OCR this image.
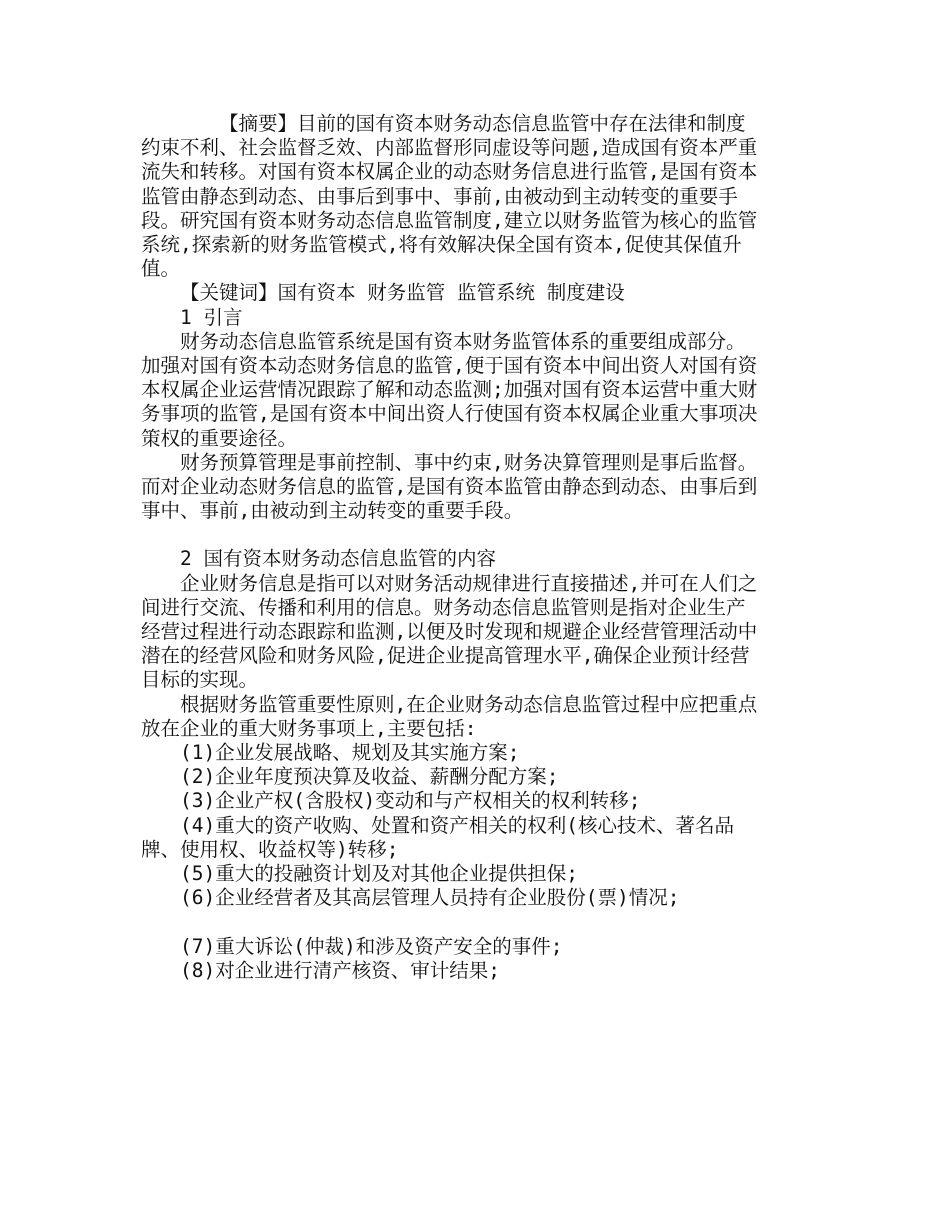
【摘要】目前的国有资本财务动态信息监管中存在法律和制度约束不利、社会监督乏效、内部监督形同虚设等问题,造成国有资本严重流失和转移。对国有资本权属企业的动态财务信息进行监管,是国有资本监管由静态到动态、由事后到事中、事前,由被动到主动转变的重要手段。研究国有资本财务动态信息监管制度,建立以财务监管为核心的监管系统,探索新的财务监管模式,将有效解决保全国有资本,促使其保值升值。

【关键词】国有资本 财务监管 监管系统 制度建设

1 引言

财务动态信息监管系统是国有资本财务监管体系的重要组成部分。加强对国有资本动态财务信息的监管,便于国有资本中间出资人对国有资本权属企业运营情况跟踪了解和动态监测;加强对国有资本运营中重大财务事项的监管,是国有资本中间出资人行使国有资本权属企业重大事项决策权的重要途径。

财务预算管理是事前控制、事中约束,财务决算管理则是事后监督。而对企业动态财务信息的监管,是国有资本监管由静态到动态、由事后到事中、事前,由被动到主动转变的重要手段。

2 国有资本财务动态信息监管的内容

企业财务信息是指可以对财务活动规律进行直接描述,并可在人们之间进行交流、传播和利用的信息。财务动态信息监管则是指对企业生产经营过程进行动态跟踪和监测,以便及时发现和规避企业经营管理活动中潜在的经营风险和财务风险,促进企业提高管理水平,确保企业预计经营目标的实现。

根据财务监管重要性原则,在企业财务动态信息监管过程中应把重点放在企业的重大财务事项上,主要包括:

(1)企业发展战略、规划及其实施方案;

(2)企业年度预决算及收益、薪酬分配方案;

(3)企业产权(含股权)变动和与产权相关的权利转移;

(4)重大的资产收购、处置和资产相关的权利(核心技术、著名品牌、使用权、收益权等)转移;

(5)重大的投融资计划及对其他企业提供担保;

(6)企业经营者及其高层管理人员持有企业股份(票)情况;

(7)重大诉讼(仲裁)和涉及资产安全的事件;

(8)对企业进行清产核资、审计结果;
